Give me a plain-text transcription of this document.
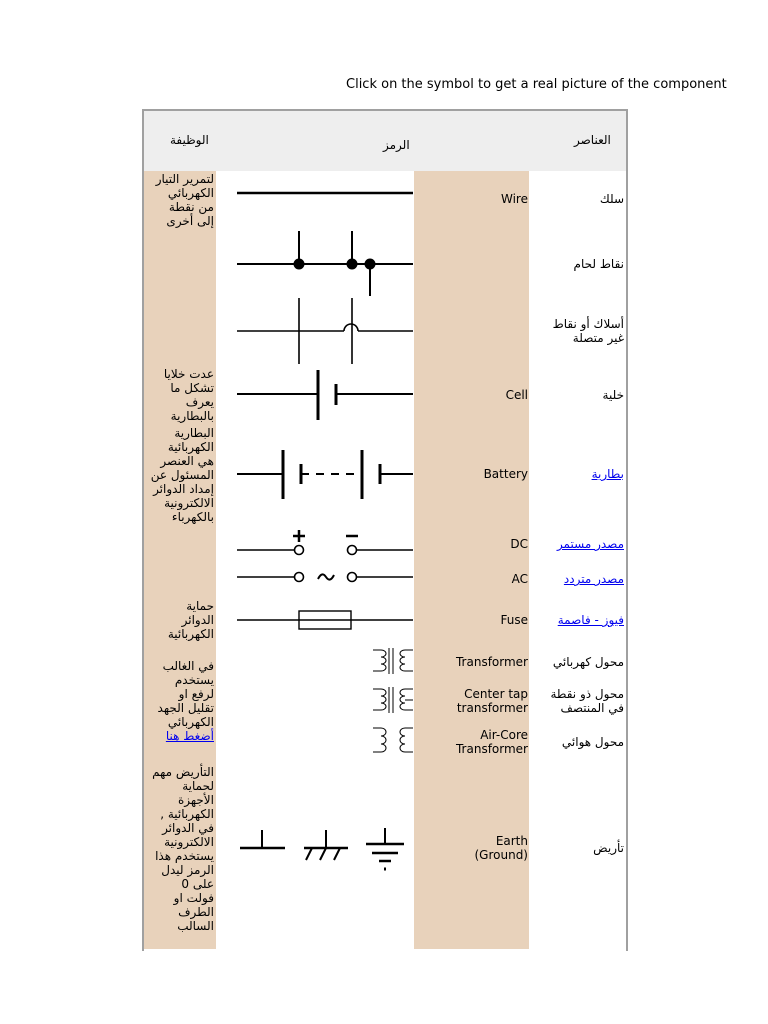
Click on the symbol to get a real picture of the component
العناصر
الرمز
الوظيفة
لتمرير التيار
الكهربائي
من نقطة
إلى أخرى
عدت خلايا
تشكل ما
يعرف
بالبطارية
البطارية
الكهربائية
هي العنصر
المسئول عن
إمداد الدوائر
الالكترونية
بالكهرباء
حماية
الدوائر
الكهربائية
في الغالب
يستخدم
لرفع او
تقليل الجهد
الكهربائي
أضغط هنا
التأريض مهم
لحماية
الأجهزة
الكهربائية ,
في الدوائر
الالكترونية
يستخدم هذا
الرمز ليدل
على 0
فولت او
الطرف
السالب
Wire
Cell
Battery
DC
AC
Fuse
Transformer
Center tap
transformer
Air-Core
Transformer
Earth
(Ground)
سلك
نقاط لحام
أسلاك أو نقاط
غير متصلة
خلية
بطارية
مصدر مستمر
مصدر متردد
فيوز - فاصمة
محول كهربائي
محول ذو نقطة
في المنتصف
محول هوائي
تأريض
